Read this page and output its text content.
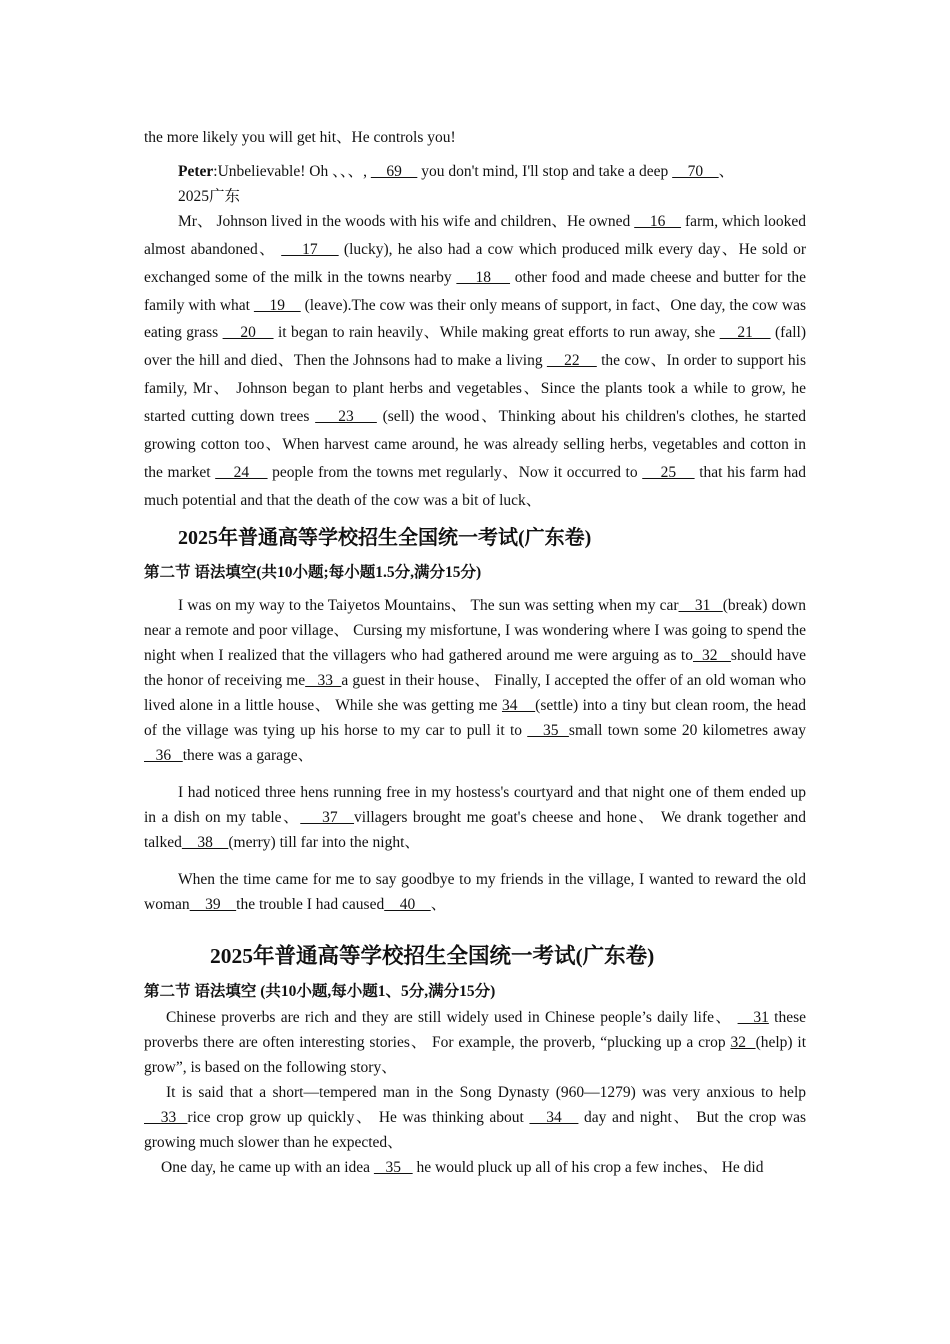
the more likely you will get hit、He controls you!

Peter:Unbelievable! Oh 、、、,     69     you don't mind, I'll stop and take a deep     70    、

2025广东

Mr、 Johnson lived in the woods with his wife and children、He owned     16     farm, which looked almost abandoned、     17     (lucky), he also had a cow which produced milk every day、He sold or exchanged some of the milk in the towns nearby     18     other food and made cheese and butter for the family with what     19     (leave).The cow was their only means of support, in fact、One day, the cow was eating grass     20     it began to rain heavily、While making great efforts to run away, she     21     (fall) over the hill and died、Then the Johnsons had to make a living     22     the cow、In order to support his family, Mr、 Johnson began to plant herbs and vegetables、Since the plants took a while to grow, he started cutting down trees     23     (sell) the wood、Thinking about his children's clothes, he started growing cotton too、When harvest came around, he was already selling herbs, vegetables and cotton in the market     24     people from the towns met regularly、Now it occurred to     25     that his farm had much potential and that the death of the cow was a bit of luck、

2025年普通高等学校招生全国统一考试(广东卷)

第二节 语法填空(共10小题;每小题1.5分,满分15分)

I was on my way to the Taiyetos Mountains、 The sun was setting when my car    31   (break) down near a remote and poor village、 Cursing my misfortune, I was wondering where I was going to spend the night when I realized that the villagers who had gathered around me were arguing as to  32   should have the honor of receiving me   33  a guest in their house、 Finally, I accepted the offer of an old woman who lived alone in a little house、 While she was getting me 34    (settle) into a tiny but clean room, the head of the village was tying up his horse to my car to pull it to    35  small town some 20 kilometres away   36   there was a garage、

I had noticed three hens running free in my hostess's courtyard and that night one of them ended up in a dish on my table、    37   villagers brought me goat's cheese and hone、 We drank together and talked    38    (merry) till far into the night、

When the time came for me to say goodbye to my friends in the village, I wanted to reward the old woman    39    the trouble I had caused    40    、

2025年普通高等学校招生全国统一考试(广东卷)

第二节 语法填空 (共10小题,每小题1、5分,满分15分)

Chinese proverbs are rich and they are still widely used in Chinese people’s daily life、    31 these proverbs there are often interesting stories、 For example, the proverb, “plucking up a crop 32  (help) it grow”, is based on the following story、

It is said that a short—tempered man in the Song Dynasty (960—1279) was very anxious to help    33  rice crop grow up quickly、 He was thinking about    34    day and night、 But the crop was growing much slower than he expected、

One day, he came up with an idea    35    he would pluck up all of his crop a few inches、 He did
